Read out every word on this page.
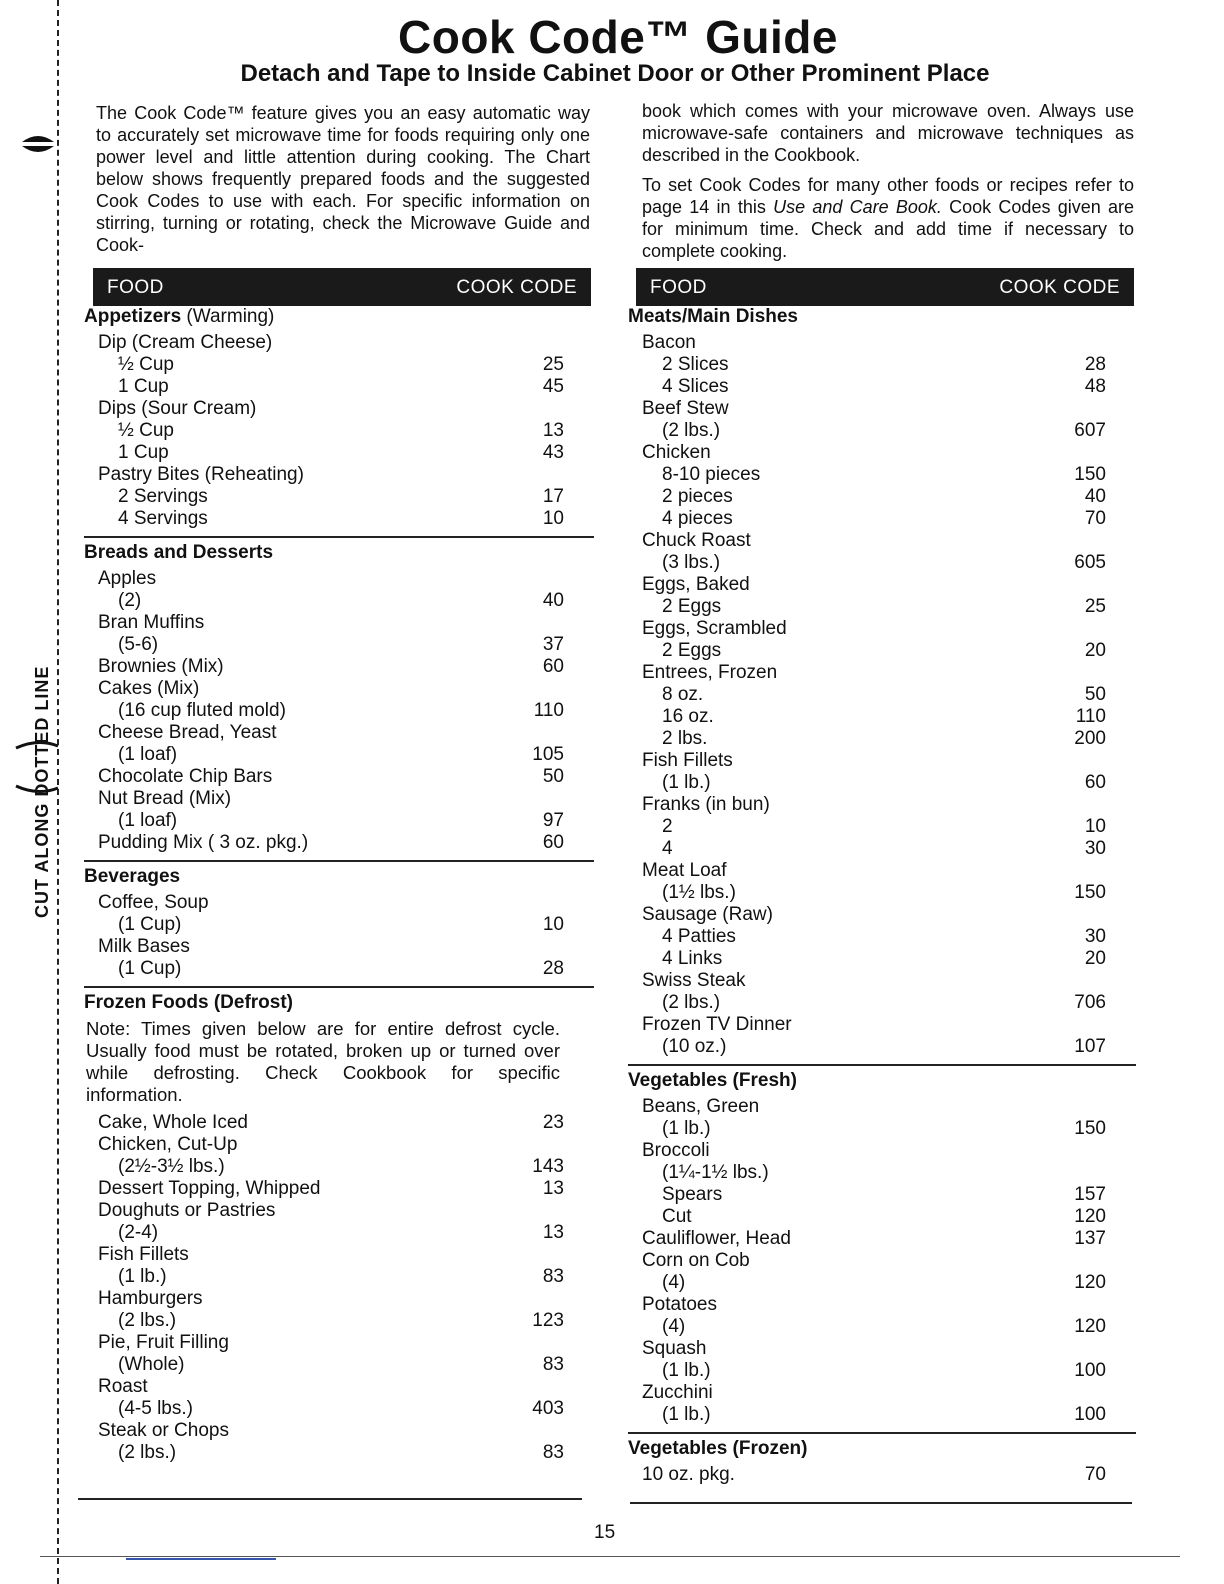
CUT ALONG DOTTED LINE
Cook Code™ Guide
Detach and Tape to Inside Cabinet Door or Other Prominent Place

The Cook Code™ feature gives you an easy automatic way to accurately set microwave time for foods requiring only one power level and little attention during cooking. The Chart below shows frequently prepared foods and the suggested Cook Codes to use with each. For specific information on stirring, turning or rotating, check the Microwave Guide and Cook-

book which comes with your microwave oven. Always use microwave-safe containers and microwave techniques as described in the Cookbook.

To set Cook Codes for many other foods or recipes refer to page 14 in this Use and Care Book. Cook Codes given are for minimum time. Check and add time if necessary to complete cooking.

FOOD	COOK CODE	FOOD	COOK CODE
Appetizers (Warming)
Dip (Cream Cheese)
½ Cup	25
1 Cup	45
Dips (Sour Cream)
½ Cup	13
1 Cup	43
Pastry Bites (Reheating)
2 Servings	17
4 Servings	10
Breads and Desserts
Apples
(2)	40
Bran Muffins
(5-6)	37
Brownies (Mix)	60
Cakes (Mix)
(16 cup fluted mold)	110
Cheese Bread, Yeast
(1 loaf)	105
Chocolate Chip Bars	50
Nut Bread (Mix)
(1 loaf)	97
Pudding Mix ( 3 oz. pkg.)	60
Beverages
Coffee, Soup
(1 Cup)	10
Milk Bases
(1 Cup)	28
Frozen Foods (Defrost)
Note: Times given below are for entire defrost cycle. Usually food must be rotated, broken up or turned over while defrosting. Check Cookbook for specific information.
Cake, Whole Iced	23
Chicken, Cut-Up
(2½-3½ lbs.)	143
Dessert Topping, Whipped	13
Doughuts or Pastries
(2-4)	13
Fish Fillets
(1 lb.)	83
Hamburgers
(2 lbs.)	123
Pie, Fruit Filling
(Whole)	83
Roast
(4-5 lbs.)	403
Steak or Chops
(2 lbs.)	83
Meats/Main Dishes
Bacon
2 Slices	28
4 Slices	48
Beef Stew
(2 lbs.)	607
Chicken
8-10 pieces	150
2 pieces	40
4 pieces	70
Chuck Roast
(3 lbs.)	605
Eggs, Baked
2 Eggs	25
Eggs, Scrambled
2 Eggs	20
Entrees, Frozen
8 oz.	50
16 oz.	110
2 lbs.	200
Fish Fillets
(1 lb.)	60
Franks (in bun)
2	10
4	30
Meat Loaf
(1½ lbs.)	150
Sausage (Raw)
4 Patties	30
4 Links	20
Swiss Steak
(2 lbs.)	706
Frozen TV Dinner
(10 oz.)	107
Vegetables (Fresh)
Beans, Green
(1 lb.)	150
Broccoli
(1¼-1½ lbs.)
Spears	157
Cut	120
Cauliflower, Head	137
Corn on Cob
(4)	120
Potatoes
(4)	120
Squash
(1 lb.)	100
Zucchini
(1 lb.)	100
Vegetables (Frozen)
10 oz. pkg.	70
15
